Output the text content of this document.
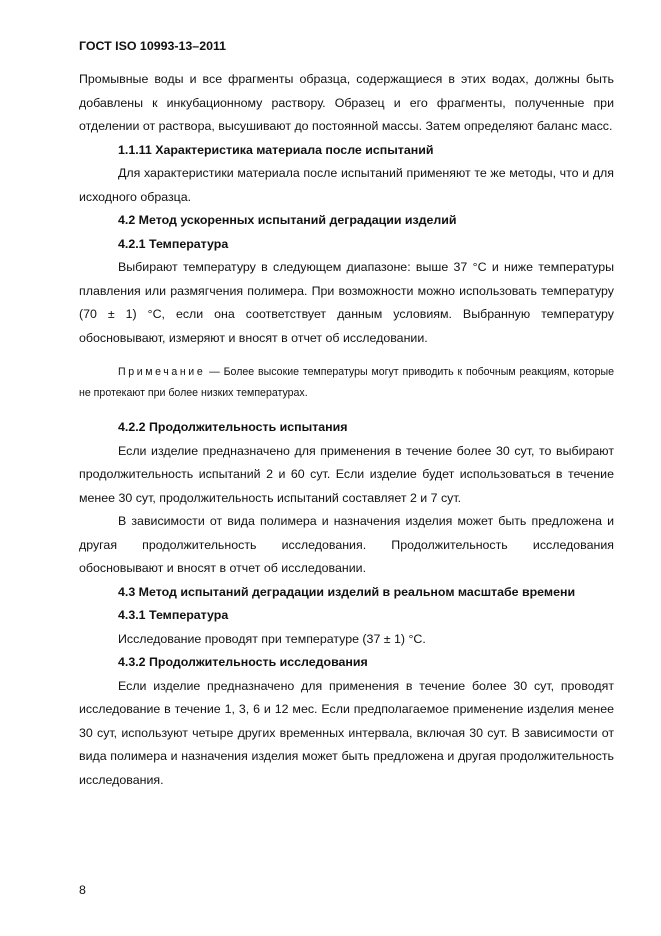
ГОСТ ISO 10993-13–2011

Промывные воды и все фрагменты образца, содержащиеся в этих водах, должны быть добавлены к инкубационному раствору. Образец и его фрагменты, полученные при отделении от раствора, высушивают до постоянной массы. Затем определяют баланс масс.

1.1.11 Характеристика материала после испытаний

Для характеристики материала после испытаний применяют те же методы, что и для исходного образца.

4.2 Метод ускоренных испытаний деградации изделий

4.2.1 Температура

Выбирают температуру в следующем диапазоне: выше 37 °C и ниже температуры плавления или размягчения полимера. При возможности можно использовать температуру (70 ± 1) °C, если она соответствует данным условиям. Выбранную температуру обосновывают, измеряют и вносят в отчет об исследовании.

Примечание — Более высокие температуры могут приводить к побочным реакциям, которые не протекают при более низких температурах.

4.2.2 Продолжительность испытания

Если изделие предназначено для применения в течение более 30 сут, то выбирают продолжительность испытаний 2 и 60 сут. Если изделие будет использоваться в течение менее 30 сут, продолжительность испытаний составляет 2 и 7 сут.

В зависимости от вида полимера и назначения изделия может быть предложена и другая продолжительность исследования. Продолжительность исследования обосновывают и вносят в отчет об исследовании.

4.3 Метод испытаний деградации изделий в реальном масштабе времени

4.3.1 Температура

Исследование проводят при температуре (37 ± 1) °C.

4.3.2 Продолжительность исследования

Если изделие предназначено для применения в течение более 30 сут, проводят исследование в течение 1, 3, 6 и 12 мес. Если предполагаемое применение изделия менее 30 сут, используют четыре других временных интервала, включая 30 сут. В зависимости от вида полимера и назначения изделия может быть предложена и другая продолжительность исследования.

8
